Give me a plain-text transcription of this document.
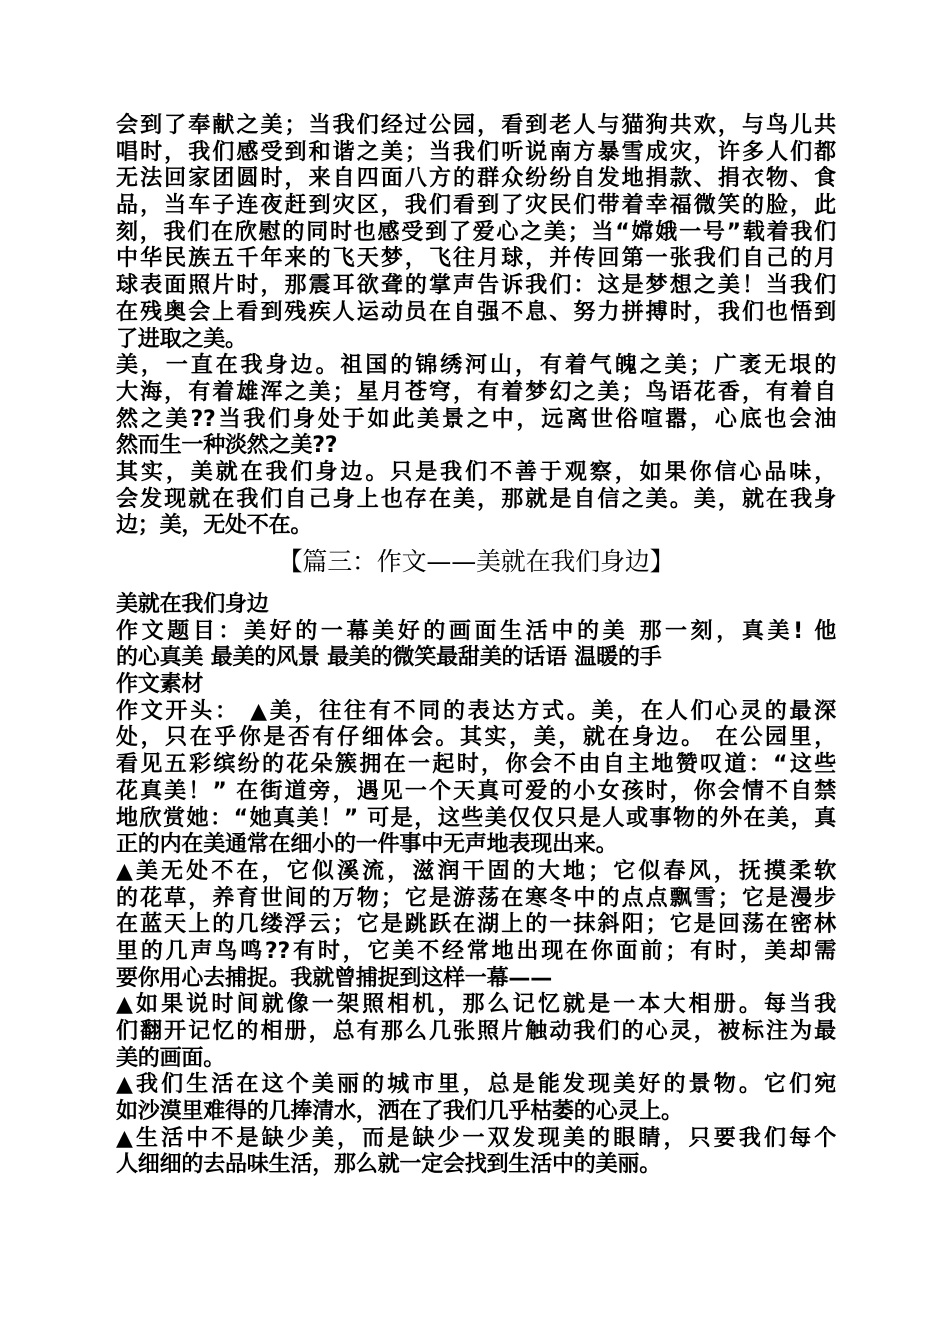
会到了奉献之美；当我们经过公园，看到老人与猫狗共欢，与鸟儿共
唱时，我们感受到和谐之美；当我们听说南方暴雪成灾，许多人们都
无法回家团圆时，来自四面八方的群众纷纷自发地捐款、捐衣物、食
品，当车子连夜赶到灾区，我们看到了灾民们带着幸福微笑的脸，此
刻，我们在欣慰的同时也感受到了爱心之美；当“嫦娥一号”载着我们
中华民族五千年来的飞天梦，飞往月球，并传回第一张我们自己的月
球表面照片时，那震耳欲聋的掌声告诉我们：这是梦想之美！当我们
在残奥会上看到残疾人运动员在自强不息、努力拼搏时，我们也悟到
了进取之美。
美，一直在我身边。祖国的锦绣河山，有着气魄之美；广袤无垠的
大海，有着雄浑之美；星月苍穹，有着梦幻之美；鸟语花香，有着自
然之美??当我们身处于如此美景之中，远离世俗喧嚣，心底也会油
然而生一种淡然之美??
其实，美就在我们身边。只是我们不善于观察，如果你信心品味，
会发现就在我们自己身上也存在美，那就是自信之美。美，就在我身
边；美，无处不在。
【篇三：作文——美就在我们身边】
美就在我们身边
作文题目：美好的一幕美好的画面生活中的美 那一刻，真美! 他
的心真美 最美的风景 最美的微笑最甜美的话语 温暖的手
作文素材
作文开头： ▲美，往往有不同的表达方式。美，在人们心灵的最深
处，只在乎你是否有仔细体会。其实，美，就在身边。 在公园里，
看见五彩缤纷的花朵簇拥在一起时，你会不由自主地赞叹道：“这些
花真美！” 在街道旁，遇见一个天真可爱的小女孩时，你会情不自禁
地欣赏她：“她真美！” 可是，这些美仅仅只是人或事物的外在美，真
正的内在美通常在细小的一件事中无声地表现出来。
▲美无处不在，它似溪流，滋润干固的大地；它似春风，抚摸柔软
的花草，养育世间的万物；它是游荡在寒冬中的点点飘雪；它是漫步
在蓝天上的几缕浮云；它是跳跃在湖上的一抹斜阳；它是回荡在密林
里的几声鸟鸣??有时，它美不经常地出现在你面前；有时，美却需
要你用心去捕捉。我就曾捕捉到这样一幕——
▲如果说时间就像一架照相机，那么记忆就是一本大相册。每当我
们翻开记忆的相册，总有那么几张照片触动我们的心灵，被标注为最
美的画面。
▲我们生活在这个美丽的城市里，总是能发现美好的景物。它们宛
如沙漠里难得的几捧清水，洒在了我们几乎枯萎的心灵上。
▲生活中不是缺少美，而是缺少一双发现美的眼睛，只要我们每个
人细细的去品味生活，那么就一定会找到生活中的美丽。
